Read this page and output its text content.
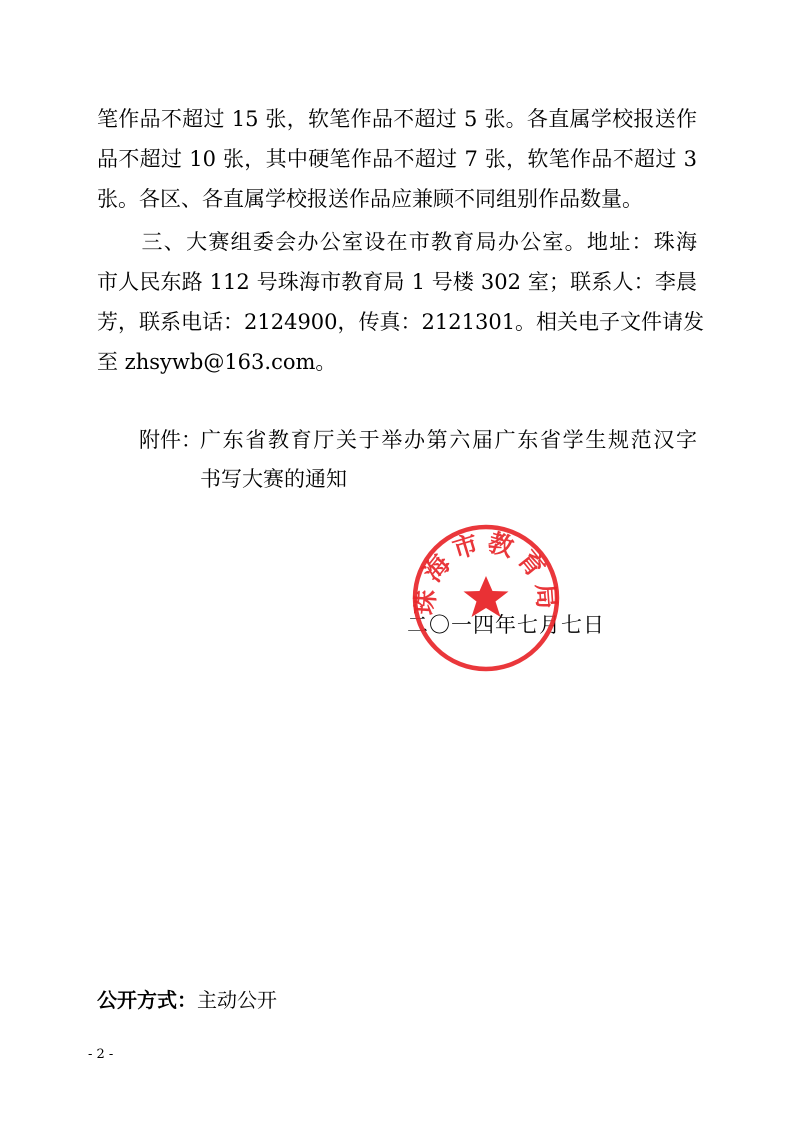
笔作品不超过 15 张，软笔作品不超过 5 张。各直属学校报送作
品不超过 10 张，其中硬笔作品不超过 7 张，软笔作品不超过 3
张。各区、各直属学校报送作品应兼顾不同组别作品数量。
　　三、大赛组委会办公室设在市教育局办公室。地址：珠海
市人民东路 112 号珠海市教育局 1 号楼 302 室；联系人：李晨
芳，联系电话：2124900，传真：2121301。相关电子文件请发
至 zhsywb@163.com。
附件：
广东省教育厅关于举办第六届广东省学生规范汉字
书写大赛的通知
二〇一四年七月七日
珠海市教育局
公开方式：主动公开
- 2 -
